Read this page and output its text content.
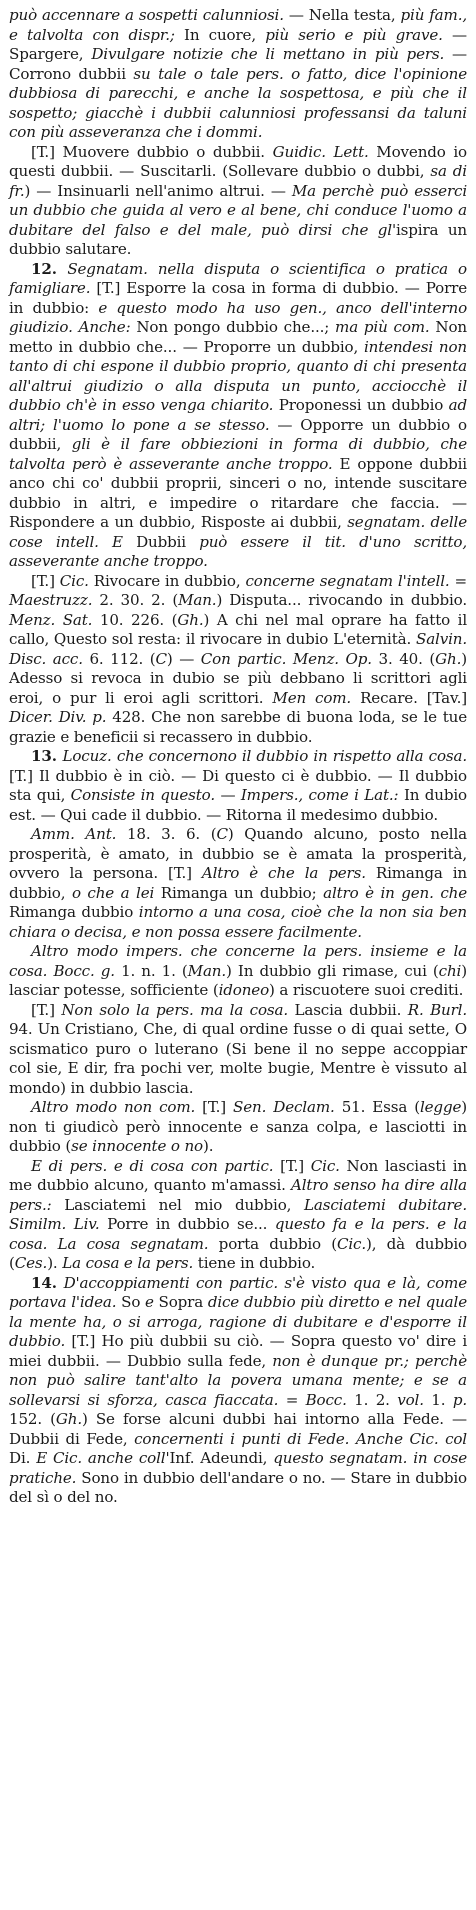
può accennare a sospetti calunniosi. — Nella testa, più fam., e talvolta con dispr.; In cuore, più serio e più grave. — Spargere, Divulgare notizie che li mettano in più pers. — Corrono dubbii su tale o tale pers. o fatto, dice l'opinione dubbiosa di parecchi, e anche la sospettosa, e più che il sospetto; giacchè i dubbii calunniosi professansi da taluni con più asseveranza che i dommi.

[T.] Muovere dubbio o dubbii. Guidic. Lett. Movendo io questi dubbii. — Suscitarli. (Sollevare dubbio o dubbi, sa di fr.) — Insinuarli nell'animo altrui. — Ma perchè può esserci un dubbio che guida al vero e al bene, chi conduce l'uomo a dubitare del falso e del male, può dirsi che gl'ispira un dubbio salutare.

12. Segnatam. nella disputa o scientifica o pratica o famigliare. [T.] Esporre la cosa in forma di dubbio. — Porre in dubbio: e questo modo ha uso gen., anco dell'interno giudizio. Anche: Non pongo dubbio che...; ma più com. Non metto in dubbio che... — Proporre un dubbio, intendesi non tanto di chi espone il dubbio proprio, quanto di chi presenta all'altrui giudizio o alla disputa un punto, acciocchè il dubbio ch'è in esso venga chiarito. Proponessi un dubbio ad altri; l'uomo lo pone a se stesso. — Opporre un dubbio o dubbii, gli è il fare obbiezioni in forma di dubbio, che talvolta però è asseverante anche troppo. E oppone dubbii anco chi co' dubbii proprii, sinceri o no, intende suscitare dubbio in altri, e impedire o ritardare che faccia. — Rispondere a un dubbio, Risposte ai dubbii, segnatam. delle cose intell. E Dubbii può essere il tit. d'uno scritto, asseverante anche troppo.

[T.] Cic. Rivocare in dubbio, concerne segnatam l'intell. = Maestruzz. 2. 30. 2. (Man.) Disputa... rivocando in dubbio. Menz. Sat. 10. 226. (Gh.) A chi nel mal oprare ha fatto il callo, Questo sol resta: il rivocare in dubio L'eternità. Salvin. Disc. acc. 6. 112. (C) — Con partic. Menz. Op. 3. 40. (Gh.) Adesso si revoca in dubio se più debbano li scrittori agli eroi, o pur li eroi agli scrittori. Men com. Recare. [Tav.] Dicer. Div. p. 428. Che non sarebbe di buona loda, se le tue grazie e beneficii si recassero in dubbio.

13. Locuz. che concernono il dubbio in rispetto alla cosa. [T.] Il dubbio è in ciò. — Di questo ci è dubbio. — Il dubbio sta qui, Consiste in questo. — Impers., come i Lat.: In dubio est. — Qui cade il dubbio. — Ritorna il medesimo dubbio.

Amm. Ant. 18. 3. 6. (C) Quando alcuno, posto nella prosperità, è amato, in dubbio se è amata la prosperità, ovvero la persona. [T.] Altro è che la pers. Rimanga in dubbio, o che a lei Rimanga un dubbio; altro è in gen. che Rimanga dubbio intorno a una cosa, cioè che la non sia ben chiara o decisa, e non possa essere facilmente.

Altro modo impers. che concerne la pers. insieme e la cosa. Bocc. g. 1. n. 1. (Man.) In dubbio gli rimase, cui (chi) lasciar potesse, sofficiente (idoneo) a riscuotere suoi crediti.

[T.] Non solo la pers. ma la cosa. Lascia dubbii. R. Burl. 94. Un Cristiano, Che, di qual ordine fusse o di quai sette, O scismatico puro o luterano (Si bene il no seppe accoppiar col sie, E dir, fra pochi ver, molte bugie, Mentre è vissuto al mondo) in dubbio lascia.

Altro modo non com. [T.] Sen. Declam. 51. Essa (legge) non ti giudicò però innocente e sanza colpa, e lasciotti in dubbio (se innocente o no).

E di pers. e di cosa con partic. [T.] Cic. Non lasciasti in me dubbio alcuno, quanto m'amassi. Altro senso ha dire alla pers.: Lasciatemi nel mio dubbio, Lasciatemi dubitare. Similm. Liv. Porre in dubbio se... questo fa e la pers. e la cosa. La cosa segnatam. porta dubbio (Cic.), dà dubbio (Ces.). La cosa e la pers. tiene in dubbio.

14. D'accoppiamenti con partic. s'è visto qua e là, come portava l'idea. So e Sopra dice dubbio più diretto e nel quale la mente ha, o si arroga, ragione di dubitare e d'esporre il dubbio. [T.] Ho più dubbii su ciò. — Sopra questo vo' dire i miei dubbii. — Dubbio sulla fede, non è dunque pr.; perchè non può salire tant'alto la povera umana mente; e se a sollevarsi si sforza, casca fiaccata. = Bocc. 1. 2. vol. 1. p. 152. (Gh.) Se forse alcuni dubbi hai intorno alla Fede. — Dubbii di Fede, concernenti i punti di Fede. Anche Cic. col Di. E Cic. anche coll'Inf. Adeundi, questo segnatam. in cose pratiche. Sono in dubbio dell'andare o no. — Stare in dubbio del sì o del no.
